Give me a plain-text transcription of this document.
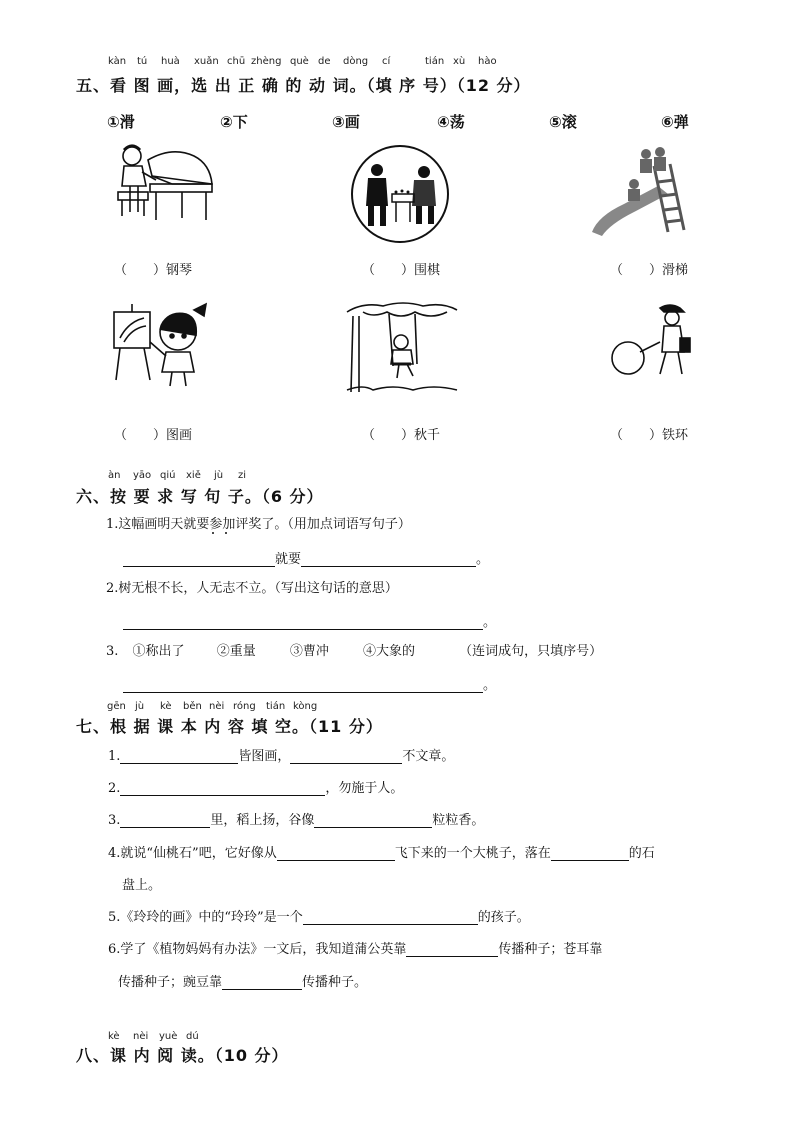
kàn tú huà xuǎn chū zhèng què de dòng cí	tián xù hào
五、看 图 画，选 出 正 确 的 动 词。（填 序 号）（12 分）
①滑	②下	③画	④荡	⑤滚	⑥弹
（　　）钢琴	（　　）围棋	（　　）滑梯
（　　）图画	（　　）秋千	（　　）铁环
àn yāo qiú xiě jù zi
六、按 要 求 写 句 子。（6 分）
1.这幅画明天就要参加评奖了。（用加点词语写句子）
就要	。
2.树无根不长，人无志不立。（写出这句话的意思）
。
3. ①称出了 ②重量	③曹冲	④大象的	（连词成句，只填序号）
。
gēn jù kè běn nèi róng tián kòng
七、根 据 课 本 内 容 填 空。（11 分）
1.	皆图画，	不文章。
2.	，勿施于人。
3.	里，稻上扬，谷像	粒粒香。
4.就说“仙桃石”吧，它好像从	飞下来的一个大桃子，落在	的石
盘上。
5.《玲玲的画》中的“玲玲”是一个	的孩子。
6.学了《植物妈妈有办法》一文后，我知道蒲公英靠	传播种子；苍耳靠
传播种子；豌豆靠	传播种子。
kè nèi yuè dú
八、课 内 阅 读。（10 分）
